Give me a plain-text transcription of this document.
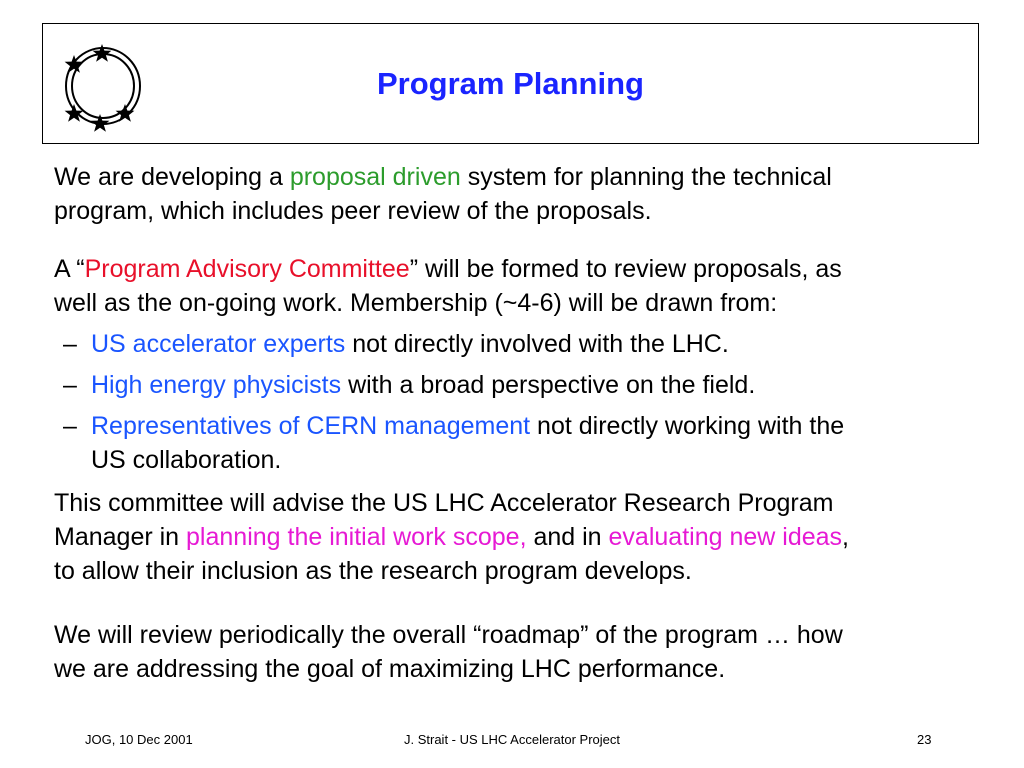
Program Planning

We are developing a proposal driven system for planning the technical
program, which includes peer review of the proposals.

A “Program Advisory Committee” will be formed to review proposals, as
well as the on-going work. Membership (~4-6) will be drawn from:

– US accelerator experts not directly involved with the LHC.
– High energy physicists with a broad perspective on the field.
– Representatives of CERN management not directly working with the
US collaboration.

This committee will advise the US LHC Accelerator Research Program
Manager in planning the initial work scope, and in evaluating new ideas,
to allow their inclusion as the research program develops.

We will review periodically the overall “roadmap” of the program … how
we are addressing the goal of maximizing LHC performance.

JOG, 10 Dec 2001	J. Strait - US LHC Accelerator Project	23
